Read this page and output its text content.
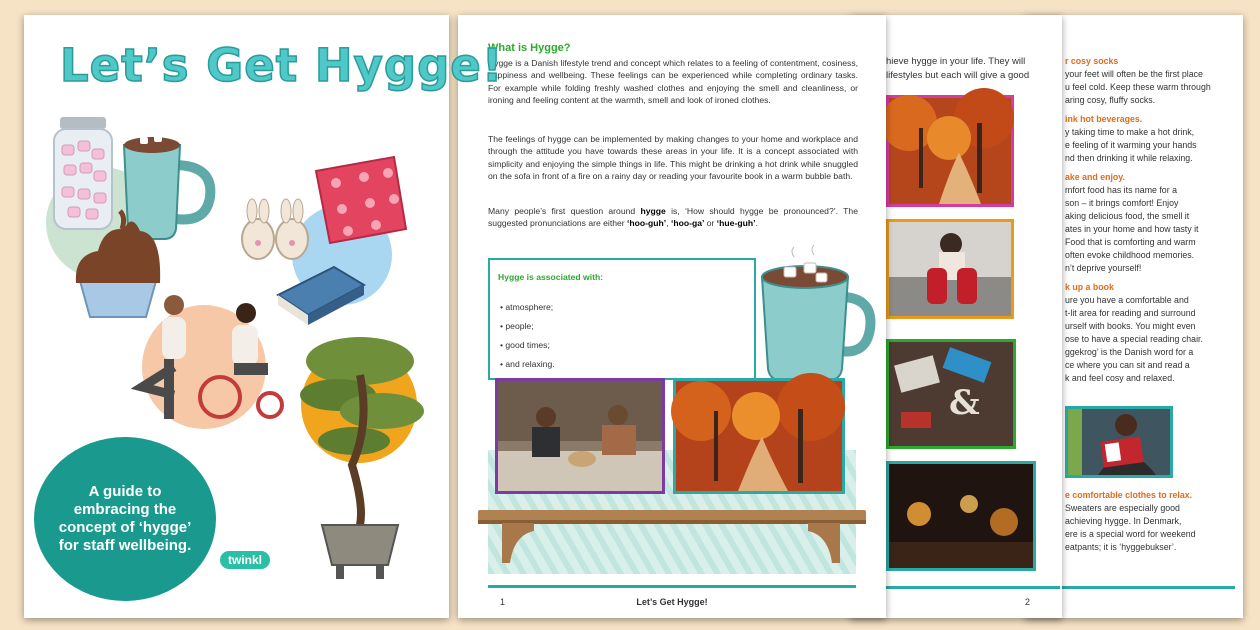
r cosy socks
your feet will often be the first place
u feel cold. Keep these warm through
aring cosy, fluffy socks.
ink hot beverages.
y taking time to make a hot drink,
e feeling of it warming your hands
nd then drinking it while relaxing.
ake and enjoy.
mfort food has its name for a
son – it brings comfort! Enjoy
aking delicious food, the smell it
ates in your home and how tasty it
Food that is comforting and warm
often evoke childhood memories.
n’t deprive yourself!
k up a book
ure you have a comfortable and
t-lit area for reading and surround
urself with books. You might even
ose to have a special reading chair.
ggekrog’ is the Danish word for a
ce where you can sit and read a
k and feel cosy and relaxed.
e comfortable clothes to relax.
Sweaters are especially good
achieving hygge. In Denmark,
ere is a special word for weekend
eatpants; it is ‘hyggebukser’.
hieve hygge in your life. They will
lifestyles but each will give a good
&
2
What is Hygge?
Hygge is a Danish lifestyle trend and concept which relates to a feeling of contentment, cosiness, happiness and wellbeing. These feelings can be experienced while completing ordinary tasks. For example while folding freshly washed clothes and enjoying the smell and cleanliness, or ironing and feeling content at the warmth, smell and look of ironed clothes.
The feelings of hygge can be implemented by making changes to your home and workplace and through the attitude you have towards these areas in your life. It is a concept associated with simplicity and enjoying the simple things in life. This might be drinking a hot drink while snuggled on the sofa in front of a fire on a rainy day or reading your favourite book in a warm bubble bath.
Many people’s first question around hygge is, ‘How should hygge be pronounced?’. The suggested pronunciations are either ‘hoo-guh’, ‘hoo-ga’ or ‘hue-guh’.
Hygge is associated with:
• atmosphere;
• people;
• good times;
• and relaxing.
1	Let’s Get Hygge!
Let’s Get Hygge!
A guide to embracing the concept of ‘hygge’ for staff wellbeing.
twinkl
